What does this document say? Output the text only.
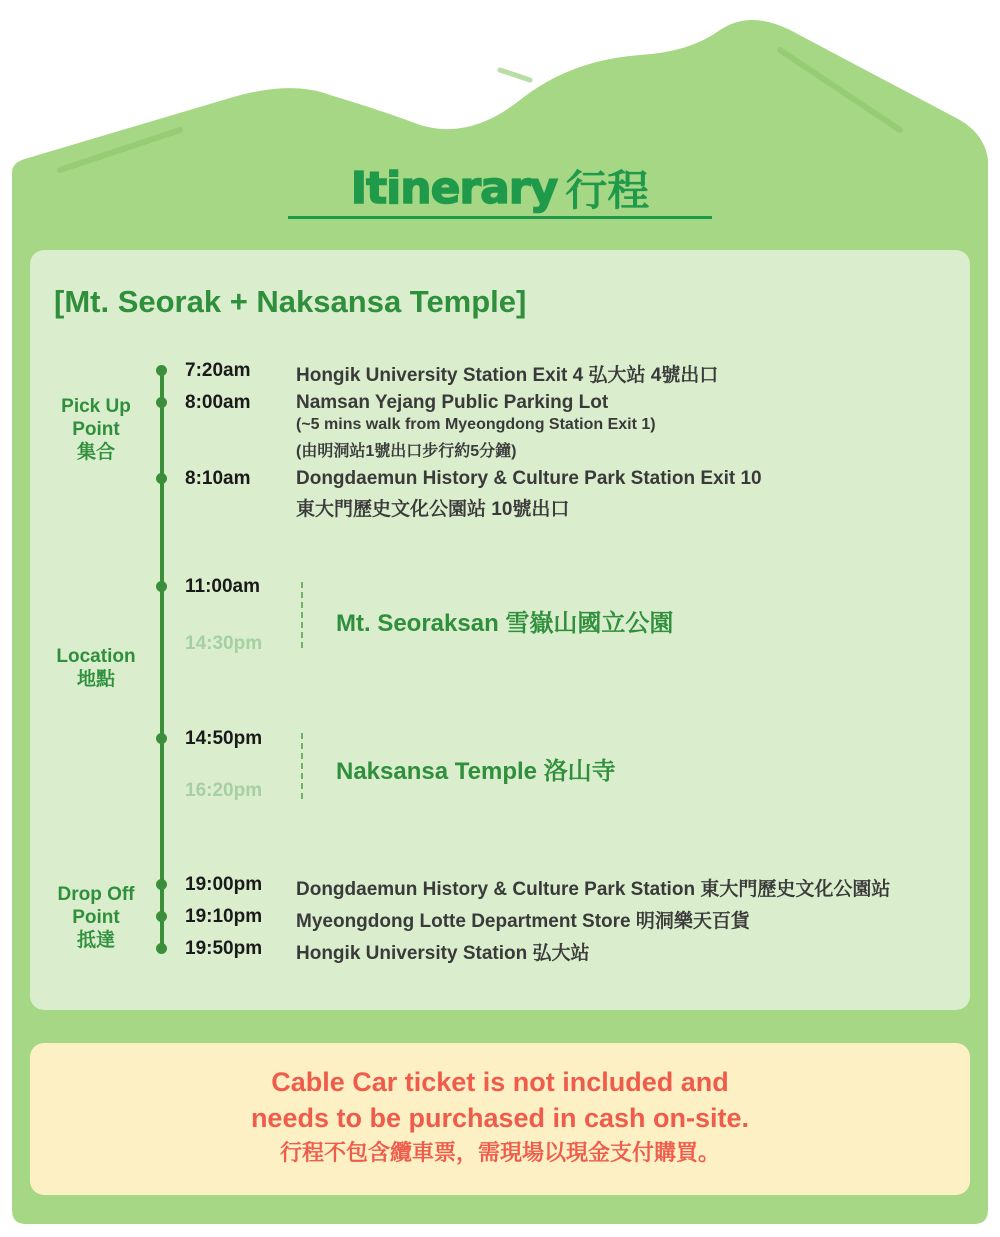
Itinerary 行程
[Mt. Seorak + Naksansa Temple]
Pick Up
Point
集合
Location
地點
Drop Off
Point
抵達
7:20am Hongik University Station Exit 4 弘大站 4號出口
8:00am Namsan Yejang Public Parking Lot
(~5 mins walk from Myeongdong Station Exit 1)
(由明洞站1號出口步行約5分鐘)
8:10am Dongdaemun History & Culture Park Station Exit 10
東大門歷史文化公園站 10號出口
11:00am
14:30pm
Mt. Seoraksan 雪嶽山國立公園
14:50pm
16:20pm
Naksansa Temple 洛山寺
19:00pm Dongdaemun History & Culture Park Station 東大門歷史文化公園站
19:10pm Myeongdong Lotte Department Store 明洞樂天百貨
19:50pm Hongik University Station 弘大站
Cable Car ticket is not included and
needs to be purchased in cash on-site.
行程不包含纜車票，需現場以現金支付購買。
